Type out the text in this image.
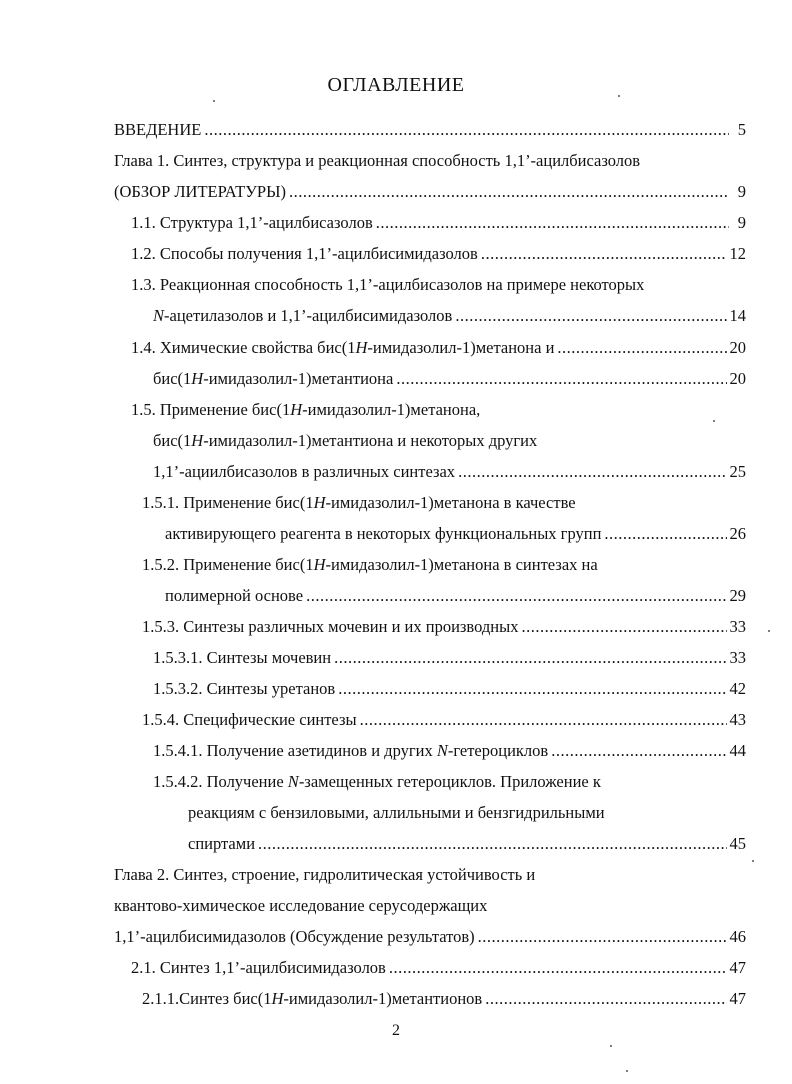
ОГЛАВЛЕНИЕ
ВВЕДЕНИЕ .....	5
Глава 1. Синтез, структура и реакционная способность 1,1’-ацилбисазолов
(ОБЗОР ЛИТЕРАТУРЫ) .....	9
1.1. Структура 1,1’-ацилбисазолов .....	9
1.2. Способы получения 1,1’-ацилбисимидазолов .....	12
1.3. Реакционная способность 1,1’-ацилбисазолов на примере некоторых
N-ацетилазолов и 1,1’-ацилбисимидазолов .....	14
1.4. Химические свойства бис(1H-имидазолил-1)метанона и .....	20
бис(1H-имидазолил-1)метантиона .....	20
1.5. Применение бис(1H-имидазолил-1)метанона,
бис(1H-имидазолил-1)метантиона и некоторых других
1,1’-ациилбисазолов в различных синтезах .....	25
1.5.1. Применение бис(1H-имидазолил-1)метанона в качестве
активирующего реагента в некоторых функциональных групп .....	26
1.5.2. Применение бис(1H-имидазолил-1)метанона в синтезах на
полимерной основе .....	29
1.5.3. Синтезы различных мочевин и их производных .....	33
1.5.3.1. Синтезы мочевин .....	33
1.5.3.2. Синтезы уретанов .....	42
1.5.4. Специфические синтезы .....	43
1.5.4.1. Получение азетидинов и других N-гетероциклов .....	44
1.5.4.2. Получение N-замещенных гетероциклов. Приложение к
реакциям с бензиловыми, аллильными и бензгидрильными
спиртами .....	45
Глава 2. Синтез, строение, гидролитическая устойчивость и
квантово-химическое исследование серусодержащих
1,1’-ацилбисимидазолов (Обсуждение результатов) .....	46
2.1. Синтез 1,1’-ацилбисимидазолов .....	47
2.1.1.Синтез бис(1H-имидазолил-1)метантионов .....	47
2
